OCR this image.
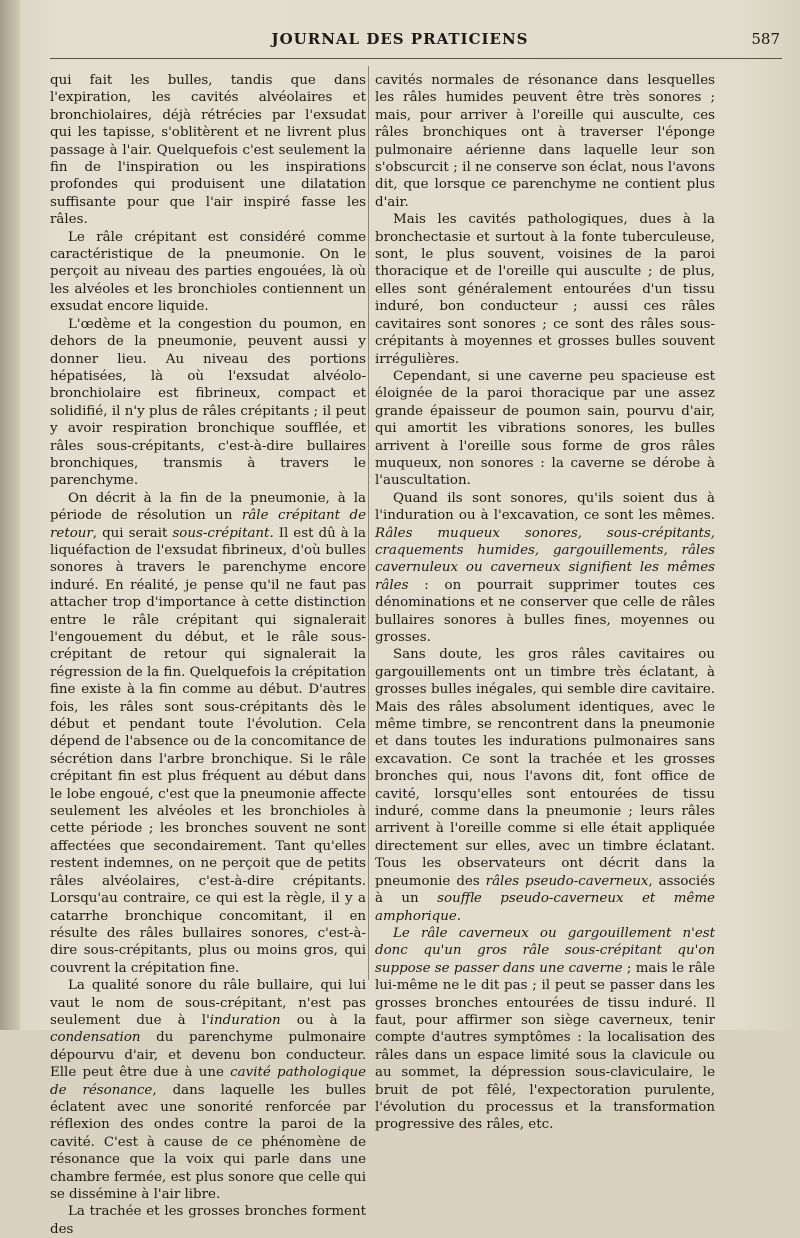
JOURNAL DES PRATICIENS	587

qui fait les bulles, tandis que dans l'expiration, les cavités alvéolaires et bronchiolaires, déjà rétrécies par l'exsudat qui les tapisse, s'oblitèrent et ne livrent plus passage à l'air. Quelquefois c'est seulement la fin de l'inspiration ou les inspirations profondes qui produisent une dilatation suffisante pour que l'air inspiré fasse les râles.

Le râle crépitant est considéré comme caractéristique de la pneumonie. On le perçoit au niveau des parties engouées, là où les alvéoles et les bronchioles contiennent un exsudat encore liquide.

L'œdème et la congestion du poumon, en dehors de la pneumonie, peuvent aussi y donner lieu. Au niveau des portions hépatisées, là où l'exsudat alvéolo-bronchiolaire est fibrineux, compact et solidifié, il n'y plus de râles crépitants ; il peut y avoir respiration bronchique soufflée, et râles sous-crépitants, c'est-à-dire bullaires bronchiques, transmis à travers le parenchyme.

On décrit à la fin de la pneumonie, à la période de résolution un râle crépitant de retour, qui serait sous-crépitant. Il est dû à la liquéfaction de l'exsudat fibrineux, d'où bulles sonores à travers le parenchyme encore induré. En réalité, je pense qu'il ne faut pas attacher trop d'importance à cette distinction entre le râle crépitant qui signalerait l'engouement du début, et le râle sous-crépitant de retour qui signalerait la régression de la fin. Quelquefois la crépitation fine existe à la fin comme au début. D'autres fois, les râles sont sous-crépitants dès le début et pendant toute l'évolution. Cela dépend de l'absence ou de la concomitance de sécrétion dans l'arbre bronchique. Si le râle crépitant fin est plus fréquent au début dans le lobe engoué, c'est que la pneumonie affecte seulement les alvéoles et les bronchioles à cette période ; les bronches souvent ne sont affectées que secondairement. Tant qu'elles restent indemnes, on ne perçoit que de petits râles alvéolaires, c'est-à-dire crépitants. Lorsqu'au contraire, ce qui est la règle, il y a catarrhe bronchique concomitant, il en résulte des râles bullaires sonores, c'est-à-dire sous-crépitants, plus ou moins gros, qui couvrent la crépitation fine.

La qualité sonore du râle bullaire, qui lui vaut le nom de sous-crépitant, n'est pas seulement due à l'induration ou à la condensation du parenchyme pulmonaire dépourvu d'air, et devenu bon conducteur. Elle peut être due à une cavité pathologique de résonance, dans laquelle les bulles éclatent avec une sonorité renforcée par réflexion des ondes contre la paroi de la cavité. C'est à cause de ce phénomène de résonance que la voix qui parle dans une chambre fermée, est plus sonore que celle qui se dissémine à l'air libre.

La trachée et les grosses bronches forment des

cavités normales de résonance dans lesquelles les râles humides peuvent être très sonores ; mais, pour arriver à l'oreille qui ausculte, ces râles bronchiques ont à traverser l'éponge pulmonaire aérienne dans laquelle leur son s'obscurcit ; il ne conserve son éclat, nous l'avons dit, que lorsque ce parenchyme ne contient plus d'air.

Mais les cavités pathologiques, dues à la bronchectasie et surtout à la fonte tuberculeuse, sont, le plus souvent, voisines de la paroi thoracique et de l'oreille qui ausculte ; de plus, elles sont généralement entourées d'un tissu induré, bon conducteur ; aussi ces râles cavitaires sont sonores ; ce sont des râles sous-crépitants à moyennes et grosses bulles souvent irrégulières.

Cependant, si une caverne peu spacieuse est éloignée de la paroi thoracique par une assez grande épaisseur de poumon sain, pourvu d'air, qui amortit les vibrations sonores, les bulles arrivent à l'oreille sous forme de gros râles muqueux, non sonores : la caverne se dérobe à l'auscultation.

Quand ils sont sonores, qu'ils soient dus à l'induration ou à l'excavation, ce sont les mêmes. Râles muqueux sonores, sous-crépitants, craquements humides, gargouillements, râles cavernuleux ou caverneux signifient les mêmes râles : on pourrait supprimer toutes ces dénominations et ne conserver que celle de râles bullaires sonores à bulles fines, moyennes ou grosses.

Sans doute, les gros râles cavitaires ou gargouillements ont un timbre très éclatant, à grosses bulles inégales, qui semble dire cavitaire. Mais des râles absolument identiques, avec le même timbre, se rencontrent dans la pneumonie et dans toutes les indurations pulmonaires sans excavation. Ce sont la trachée et les grosses bronches qui, nous l'avons dit, font office de cavité, lorsqu'elles sont entourées de tissu induré, comme dans la pneumonie ; leurs râles arrivent à l'oreille comme si elle était appliquée directement sur elles, avec un timbre éclatant. Tous les observateurs ont décrit dans la pneumonie des râles pseudo-caverneux, associés à un souffle pseudo-caverneux et même amphorique.

Le râle caverneux ou gargouillement n'est donc qu'un gros râle sous-crépitant qu'on suppose se passer dans une caverne ; mais le râle lui-même ne le dit pas ; il peut se passer dans les grosses bronches entourées de tissu induré. Il faut, pour affirmer son siège caverneux, tenir compte d'autres symptômes : la localisation des râles dans un espace limité sous la clavicule ou au sommet, la dépression sous-claviculaire, le bruit de pot fêlé, l'expectoration purulente, l'évolution du processus et la transformation progressive des râles, etc.
